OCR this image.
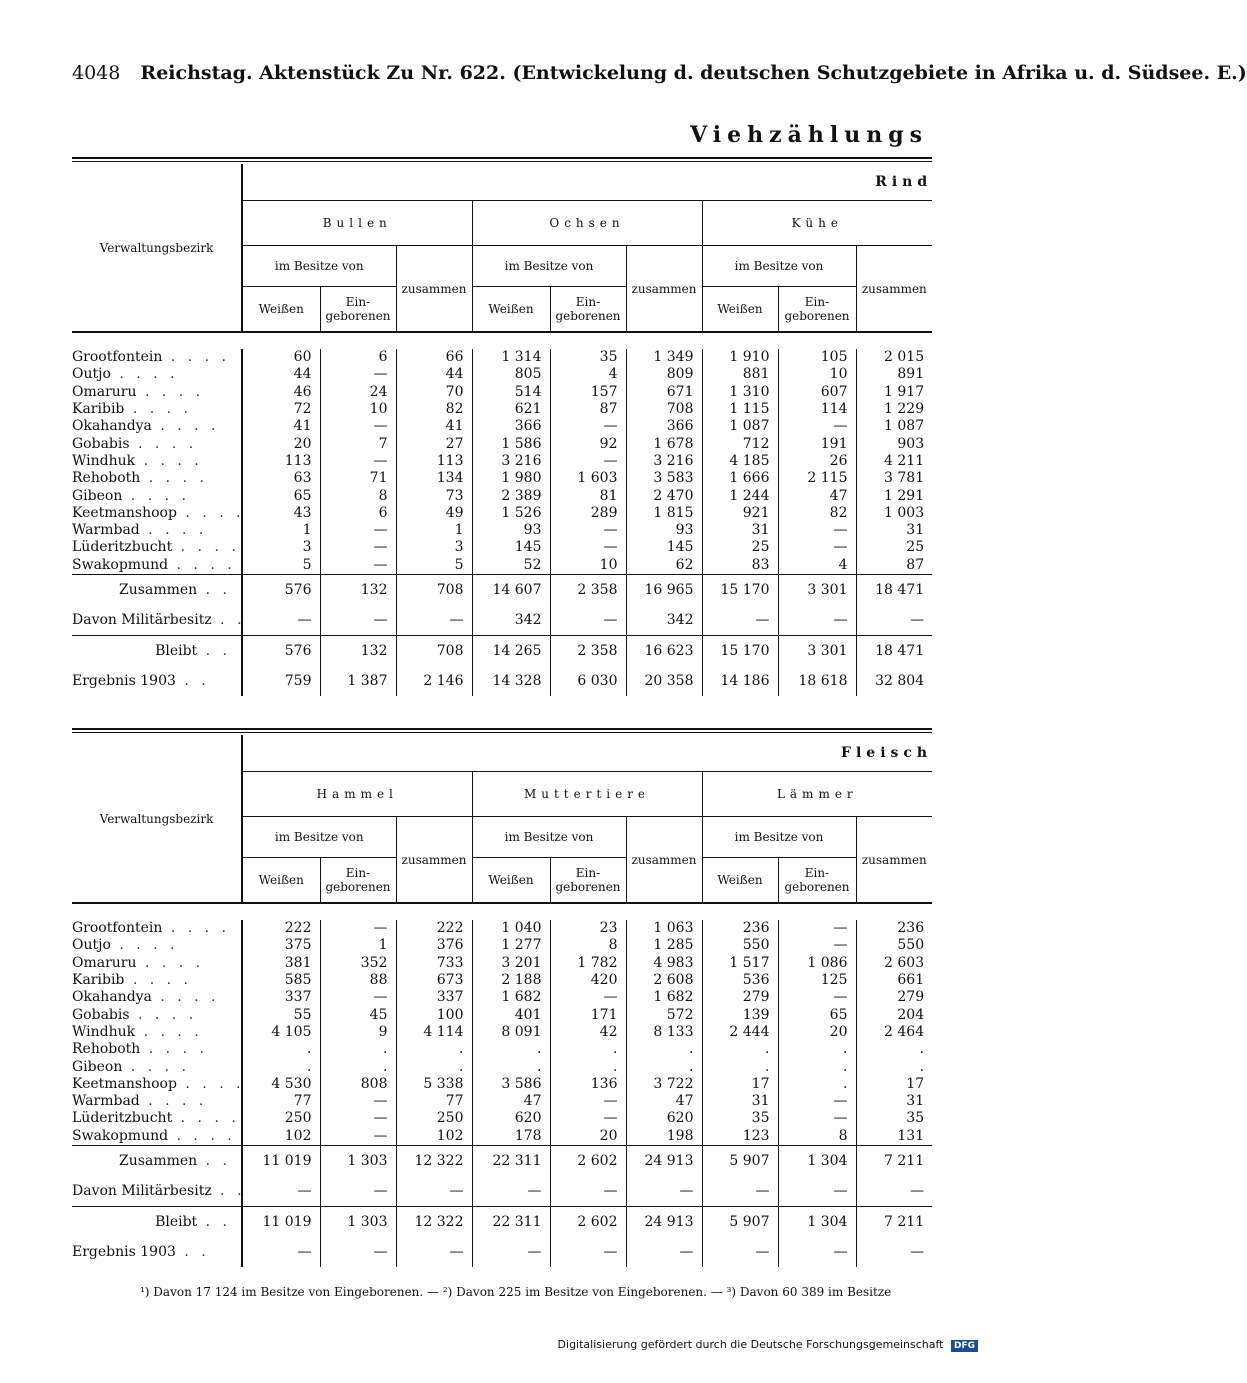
4048 Reichstag. Aktenstück Zu Nr. 622. (Entwickelung d. deutschen Schutzgebiete in Afrika u. d. Südsee. E.)
Viehzählungs
Verwaltungsbezirk	Rind								
	Bullen			Ochsen			Kühe		
	im Besitze von		zusammen	im Besitze von		zusammen	im Besitze von		zusammen
	Weißen	Ein-geborenen		Weißen	Ein-geborenen		Weißen	Ein-geborenen	

Grootfontein . . . .	60	6	66	1 314	35	1 349	1 910	105	2 015
Outjo . . . .	44	—	44	805	4	809	881	10	891
Omaruru . . . .	46	24	70	514	157	671	1 310	607	1 917
Karibib . . . .	72	10	82	621	87	708	1 115	114	1 229
Okahandya . . . .	41	—	41	366	—	366	1 087	—	1 087
Gobabis . . . .	20	7	27	1 586	92	1 678	712	191	903
Windhuk . . . .	113	—	113	3 216	—	3 216	4 185	26	4 211
Rehoboth . . . .	63	71	134	1 980	1 603	3 583	1 666	2 115	3 781
Gibeon . . . .	65	8	73	2 389	81	2 470	1 244	47	1 291
Keetmanshoop . . . .	43	6	49	1 526	289	1 815	921	82	1 003
Warmbad . . . .	1	—	1	93	—	93	31	—	31
Lüderitzbucht . . . .	3	—	3	145	—	145	25	—	25
Swakopmund . . . .	5	—	5	52	10	62	83	4	87
Zusammen . .	576	132	708	14 607	2 358	16 965	15 170	3 301	18 471
Davon Militärbesitz . .	—	—	—	342	—	342	—	—	—
Bleibt . .	576	132	708	14 265	2 358	16 623	15 170	3 301	18 471
Ergebnis 1903 . .	759	1 387	2 146	14 328	6 030	20 358	14 186	18 618	32 804
Verwaltungsbezirk	Fleisch								
	Hammel			Muttertiere			Lämmer		
	im Besitze von		zusammen	im Besitze von		zusammen	im Besitze von		zusammen
	Weißen	Ein-geborenen		Weißen	Ein-geborenen		Weißen	Ein-geborenen	

Grootfontein . . . .	222	—	222	1 040	23	1 063	236	—	236
Outjo . . . .	375	1	376	1 277	8	1 285	550	—	550
Omaruru . . . .	381	352	733	3 201	1 782	4 983	1 517	1 086	2 603
Karibib . . . .	585	88	673	2 188	420	2 608	536	125	661
Okahandya . . . .	337	—	337	1 682	—	1 682	279	—	279
Gobabis . . . .	55	45	100	401	171	572	139	65	204
Windhuk . . . .	4 105	9	4 114	8 091	42	8 133	2 444	20	2 464
Rehoboth . . . .	.	.	.	.	.	.	.	.	.
Gibeon . . . .	.	.	.	.	.	.	.	.	.
Keetmanshoop . . . .	4 530	808	5 338	3 586	136	3 722	17	.	17
Warmbad . . . .	77	—	77	47	—	47	31	—	31
Lüderitzbucht . . . .	250	—	250	620	—	620	35	—	35
Swakopmund . . . .	102	—	102	178	20	198	123	8	131
Zusammen . .	11 019	1 303	12 322	22 311	2 602	24 913	5 907	1 304	7 211
Davon Militärbesitz . .	—	—	—	—	—	—	—	—	—
Bleibt . .	11 019	1 303	12 322	22 311	2 602	24 913	5 907	1 304	7 211
Ergebnis 1903 . .	—	—	—	—	—	—	—	—	—
¹) Davon 17 124 im Besitze von Eingeborenen. — ²) Davon 225 im Besitze von Eingeborenen. — ³) Davon 60 389 im Besitze
Digitalisierung gefördert durch die Deutsche Forschungsgemeinschaft DFG
